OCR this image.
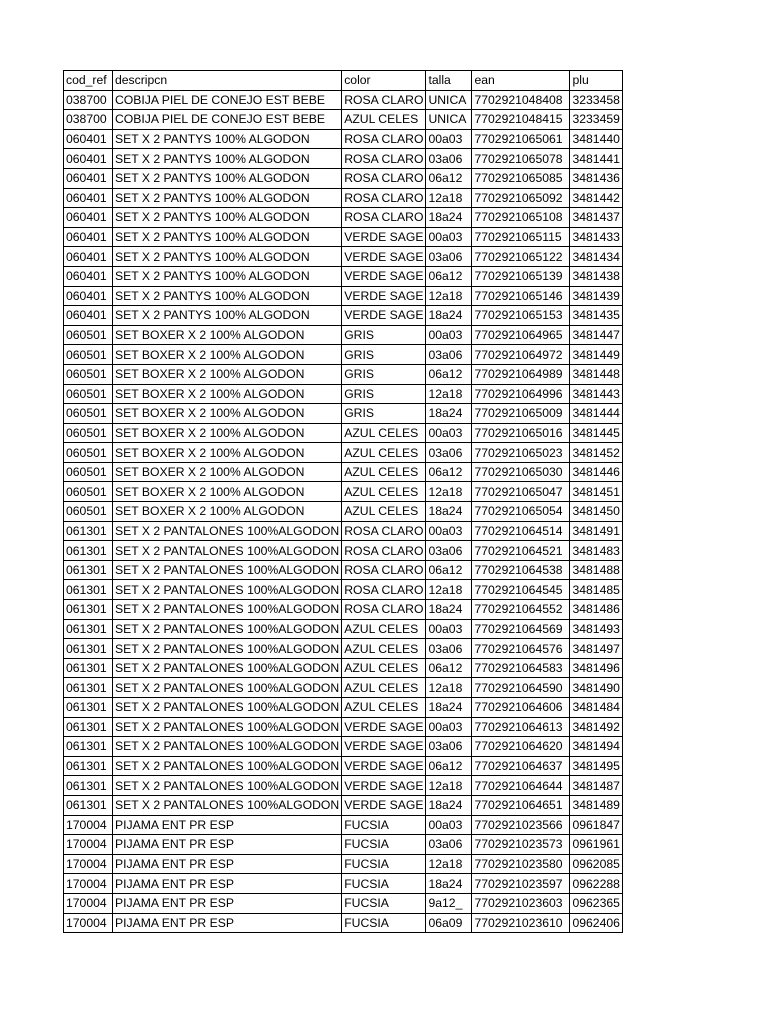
cod_ref	descripcn	color	talla	ean	plu
038700	COBIJA PIEL DE CONEJO EST BEBE	ROSA CLARO	UNICA	7702921048408	3233458
038700	COBIJA PIEL DE CONEJO EST BEBE	AZUL CELES	UNICA	7702921048415	3233459
060401	SET X 2 PANTYS 100% ALGODON	ROSA CLARO	00a03	7702921065061	3481440
060401	SET X 2 PANTYS 100% ALGODON	ROSA CLARO	03a06	7702921065078	3481441
060401	SET X 2 PANTYS 100% ALGODON	ROSA CLARO	06a12	7702921065085	3481436
060401	SET X 2 PANTYS 100% ALGODON	ROSA CLARO	12a18	7702921065092	3481442
060401	SET X 2 PANTYS 100% ALGODON	ROSA CLARO	18a24	7702921065108	3481437
060401	SET X 2 PANTYS 100% ALGODON	VERDE SAGE	00a03	7702921065115	3481433
060401	SET X 2 PANTYS 100% ALGODON	VERDE SAGE	03a06	7702921065122	3481434
060401	SET X 2 PANTYS 100% ALGODON	VERDE SAGE	06a12	7702921065139	3481438
060401	SET X 2 PANTYS 100% ALGODON	VERDE SAGE	12a18	7702921065146	3481439
060401	SET X 2 PANTYS 100% ALGODON	VERDE SAGE	18a24	7702921065153	3481435
060501	SET BOXER X 2 100% ALGODON	GRIS	00a03	7702921064965	3481447
060501	SET BOXER X 2 100% ALGODON	GRIS	03a06	7702921064972	3481449
060501	SET BOXER X 2 100% ALGODON	GRIS	06a12	7702921064989	3481448
060501	SET BOXER X 2 100% ALGODON	GRIS	12a18	7702921064996	3481443
060501	SET BOXER X 2 100% ALGODON	GRIS	18a24	7702921065009	3481444
060501	SET BOXER X 2 100% ALGODON	AZUL CELES	00a03	7702921065016	3481445
060501	SET BOXER X 2 100% ALGODON	AZUL CELES	03a06	7702921065023	3481452
060501	SET BOXER X 2 100% ALGODON	AZUL CELES	06a12	7702921065030	3481446
060501	SET BOXER X 2 100% ALGODON	AZUL CELES	12a18	7702921065047	3481451
060501	SET BOXER X 2 100% ALGODON	AZUL CELES	18a24	7702921065054	3481450
061301	SET X 2 PANTALONES 100%ALGODON	ROSA CLARO	00a03	7702921064514	3481491
061301	SET X 2 PANTALONES 100%ALGODON	ROSA CLARO	03a06	7702921064521	3481483
061301	SET X 2 PANTALONES 100%ALGODON	ROSA CLARO	06a12	7702921064538	3481488
061301	SET X 2 PANTALONES 100%ALGODON	ROSA CLARO	12a18	7702921064545	3481485
061301	SET X 2 PANTALONES 100%ALGODON	ROSA CLARO	18a24	7702921064552	3481486
061301	SET X 2 PANTALONES 100%ALGODON	AZUL CELES	00a03	7702921064569	3481493
061301	SET X 2 PANTALONES 100%ALGODON	AZUL CELES	03a06	7702921064576	3481497
061301	SET X 2 PANTALONES 100%ALGODON	AZUL CELES	06a12	7702921064583	3481496
061301	SET X 2 PANTALONES 100%ALGODON	AZUL CELES	12a18	7702921064590	3481490
061301	SET X 2 PANTALONES 100%ALGODON	AZUL CELES	18a24	7702921064606	3481484
061301	SET X 2 PANTALONES 100%ALGODON	VERDE SAGE	00a03	7702921064613	3481492
061301	SET X 2 PANTALONES 100%ALGODON	VERDE SAGE	03a06	7702921064620	3481494
061301	SET X 2 PANTALONES 100%ALGODON	VERDE SAGE	06a12	7702921064637	3481495
061301	SET X 2 PANTALONES 100%ALGODON	VERDE SAGE	12a18	7702921064644	3481487
061301	SET X 2 PANTALONES 100%ALGODON	VERDE SAGE	18a24	7702921064651	3481489
170004	PIJAMA ENT PR ESP	FUCSIA	00a03	7702921023566	0961847
170004	PIJAMA ENT PR ESP	FUCSIA	03a06	7702921023573	0961961
170004	PIJAMA ENT PR ESP	FUCSIA	12a18	7702921023580	0962085
170004	PIJAMA ENT PR ESP	FUCSIA	18a24	7702921023597	0962288
170004	PIJAMA ENT PR ESP	FUCSIA	9a12_	7702921023603	0962365
170004	PIJAMA ENT PR ESP	FUCSIA	06a09	7702921023610	0962406
